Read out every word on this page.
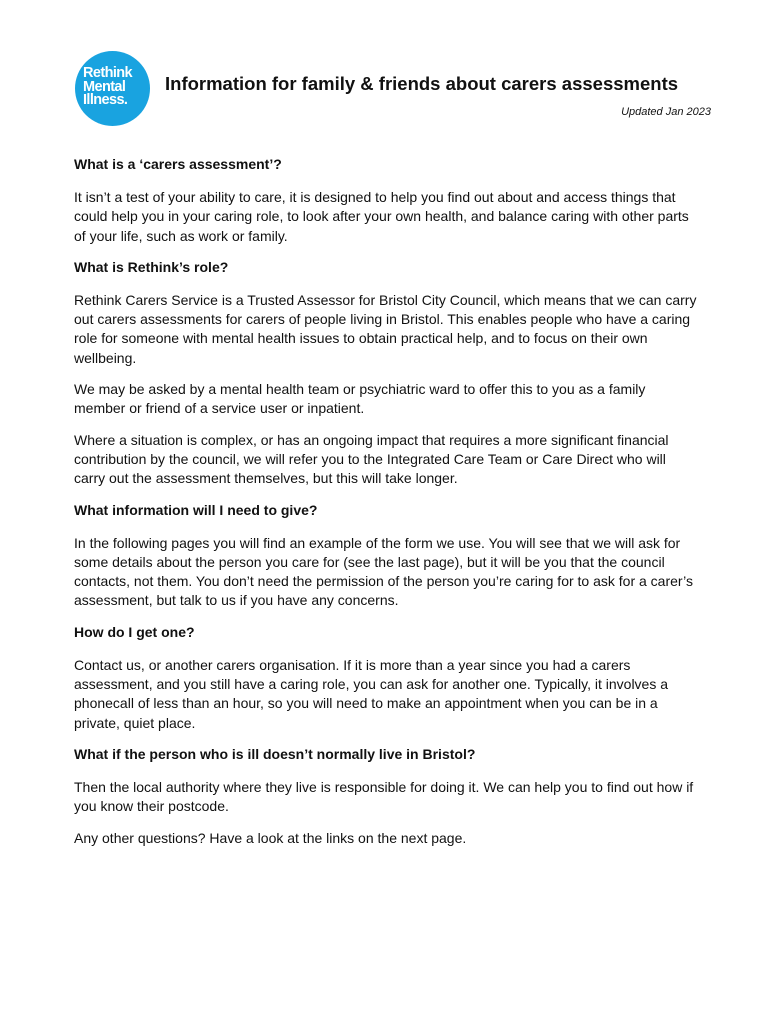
Rethink
Mental
Illness.
Information for family & friends about carers assessments
Updated Jan 2023
What is a ‘carers assessment’?

It isn’t a test of your ability to care, it is designed to help you find out about and access things that could help you in your caring role, to look after your own health, and balance caring with other parts of your life, such as work or family.

What is Rethink’s role?

Rethink Carers Service is a Trusted Assessor for Bristol City Council, which means that we can carry out carers assessments for carers of people living in Bristol. This enables people who have a caring role for someone with mental health issues to obtain practical help, and to focus on their own wellbeing.

We may be asked by a mental health team or psychiatric ward to offer this to you as a family member or friend of a service user or inpatient.

Where a situation is complex, or has an ongoing impact that requires a more significant financial contribution by the council, we will refer you to the Integrated Care Team or Care Direct who will carry out the assessment themselves, but this will take longer.

What information will I need to give?

In the following pages you will find an example of the form we use. You will see that we will ask for some details about the person you care for (see the last page), but it will be you that the council contacts, not them. You don’t need the permission of the person you’re caring for to ask for a carer’s assessment, but talk to us if you have any concerns.

How do I get one?

Contact us, or another carers organisation. If it is more than a year since you had a carers assessment, and you still have a caring role, you can ask for another one. Typically, it involves a phonecall of less than an hour, so you will need to make an appointment when you can be in a private, quiet place.

What if the person who is ill doesn’t normally live in Bristol?

Then the local authority where they live is responsible for doing it. We can help you to find out how if you know their postcode.

Any other questions? Have a look at the links on the next page.
